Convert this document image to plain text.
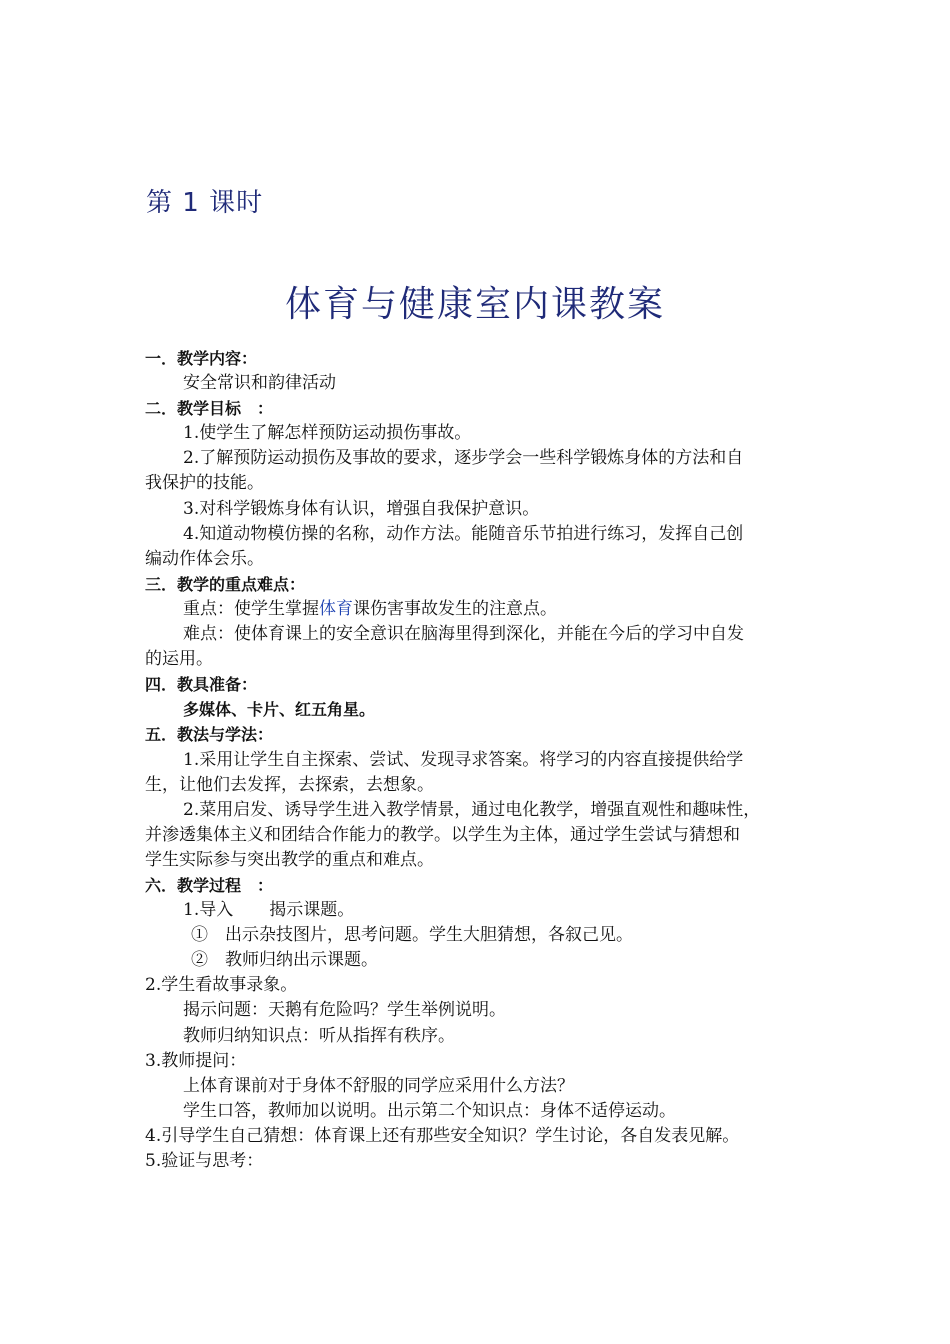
第 1 课时
体育与健康室内课教案
一．教学内容：
安全常识和韵律活动
二．教学目标　：
1.使学生了解怎样预防运动损伤事故。
2.了解预防运动损伤及事故的要求，逐步学会一些科学锻炼身体的方法和自
我保护的技能。
3.对科学锻炼身体有认识，增强自我保护意识。
4.知道动物模仿操的名称，动作方法。能随音乐节拍进行练习，发挥自己创
编动作体会乐。
三．教学的重点难点：
重点：使学生掌握体育课伤害事故发生的注意点。
难点：使体育课上的安全意识在脑海里得到深化，并能在今后的学习中自发
的运用。
四．教具准备：
多媒体、卡片、红五角星。
五．教法与学法：
1.采用让学生自主探索、尝试、发现寻求答案。将学习的内容直接提供给学
生，让他们去发挥，去探索，去想象。
2.菜用启发、诱导学生进入教学情景，通过电化教学，增强直观性和趣味性，
并渗透集体主义和团结合作能力的教学。以学生为主体，通过学生尝试与猜想和
学生实际参与突出教学的重点和难点。
六．教学过程　：
1.导入 揭示课题。
①　出示杂技图片，思考问题。学生大胆猜想，各叙己见。
②　教师归纳出示课题。
2.学生看故事录象。
揭示问题：天鹅有危险吗？学生举例说明。
教师归纳知识点：听从指挥有秩序。
3.教师提问：
上体育课前对于身体不舒服的同学应采用什么方法？
学生口答，教师加以说明。出示第二个知识点：身体不适停运动。
4.引导学生自己猜想：体育课上还有那些安全知识？学生讨论，各自发表见解。
5.验证与思考：
